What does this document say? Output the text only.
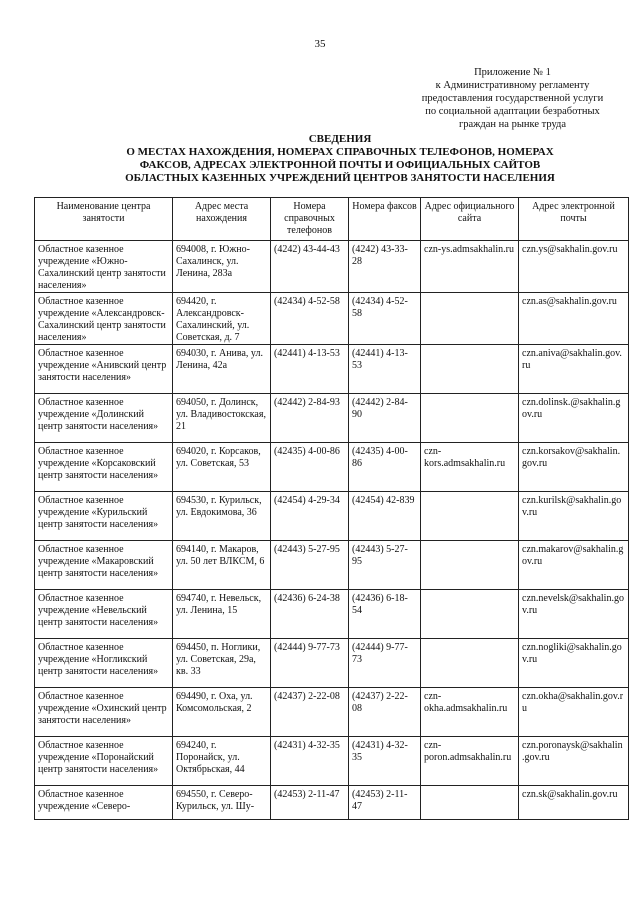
35
Приложение № 1
к Административному регламенту
предоставления государственной услуги
по социальной адаптации безработных
граждан на рынке труда
СВЕДЕНИЯ
О МЕСТАХ НАХОЖДЕНИЯ, НОМЕРАХ СПРАВОЧНЫХ ТЕЛЕФОНОВ, НОМЕРАХ
ФАКСОВ, АДРЕСАХ ЭЛЕКТРОННОЙ ПОЧТЫ И ОФИЦИАЛЬНЫХ САЙТОВ
ОБЛАСТНЫХ КАЗЕННЫХ УЧРЕЖДЕНИЙ ЦЕНТРОВ ЗАНЯТОСТИ НАСЕЛЕНИЯ
Наименование центра занятости	Адрес места нахождения	Номера справочных телефонов	Номера факсов	Адрес официального сайта	Адрес электронной почты
Областное казенное учреждение «Южно-Сахалинский центр занятости населения»	694008, г. Южно-Сахалинск, ул. Ленина, 283а	(4242) 43-44-43	(4242) 43-33-28	czn-ys.admsakhalin.ru	czn.ys@sakhalin.gov.ru
Областное казенное учреждение «Александровск-Сахалинский центр занятости населения»	694420, г. Александровск-Сахалинский, ул. Советская, д. 7	(42434) 4-52-58	(42434) 4-52-58		czn.as@sakhalin.gov.ru
Областное казенное учреждение «Анивский центр занятости населения»	694030, г. Анива, ул. Ленина, 42а	(42441) 4-13-53	(42441) 4-13-53		czn.aniva@sakhalin.gov.ru
Областное казенное учреждение «Долинский центр занятости населения»	694050, г. Долинск, ул. Владивостокская, 21	(42442) 2-84-93	(42442) 2-84-90		czn.dolinsk.@sakhalin.gov.ru
Областное казенное учреждение «Корсаковский центр занятости населения»	694020, г. Корсаков, ул. Советская, 53	(42435) 4-00-86	(42435) 4-00-86	czn-kors.admsakhalin.ru	czn.korsakov@sakhalin.gov.ru
Областное казенное учреждение «Курильский центр занятости населения»	694530, г. Курильск, ул. Евдокимова, 36	(42454) 4-29-34	(42454) 42-839		czn.kurilsk@sakhalin.gov.ru
Областное казенное учреждение «Макаровский центр занятости населения»	694140, г. Макаров, ул. 50 лет ВЛКСМ, 6	(42443) 5-27-95	(42443) 5-27-95		czn.makarov@sakhalin.gov.ru
Областное казенное учреждение «Невельский центр занятости населения»	694740, г. Невельск, ул. Ленина, 15	(42436) 6-24-38	(42436) 6-18-54		czn.nevelsk@sakhalin.gov.ru
Областное казенное учреждение «Ногликский центр занятости населения»	694450, п. Ноглики, ул. Советская, 29а, кв. 33	(42444) 9-77-73	(42444) 9-77-73		czn.nogliki@sakhalin.gov.ru
Областное казенное учреждение «Охинский центр занятости населения»	694490, г. Оха, ул. Комсомольская, 2	(42437) 2-22-08	(42437) 2-22-08	czn-okha.admsakhalin.ru	czn.okha@sakhalin.gov.ru
Областное казенное учреждение «Поронайский центр занятости населения»	694240, г. Поронайск, ул. Октябрьская, 44	(42431) 4-32-35	(42431) 4-32-35	czn-poron.admsakhalin.ru	czn.poronaysk@sakhalin.gov.ru
Областное казенное учреждение «Северо-	694550, г. Северо-Курильск, ул. Шу-	(42453) 2-11-47	(42453) 2-11-47		czn.sk@sakhalin.gov.ru
